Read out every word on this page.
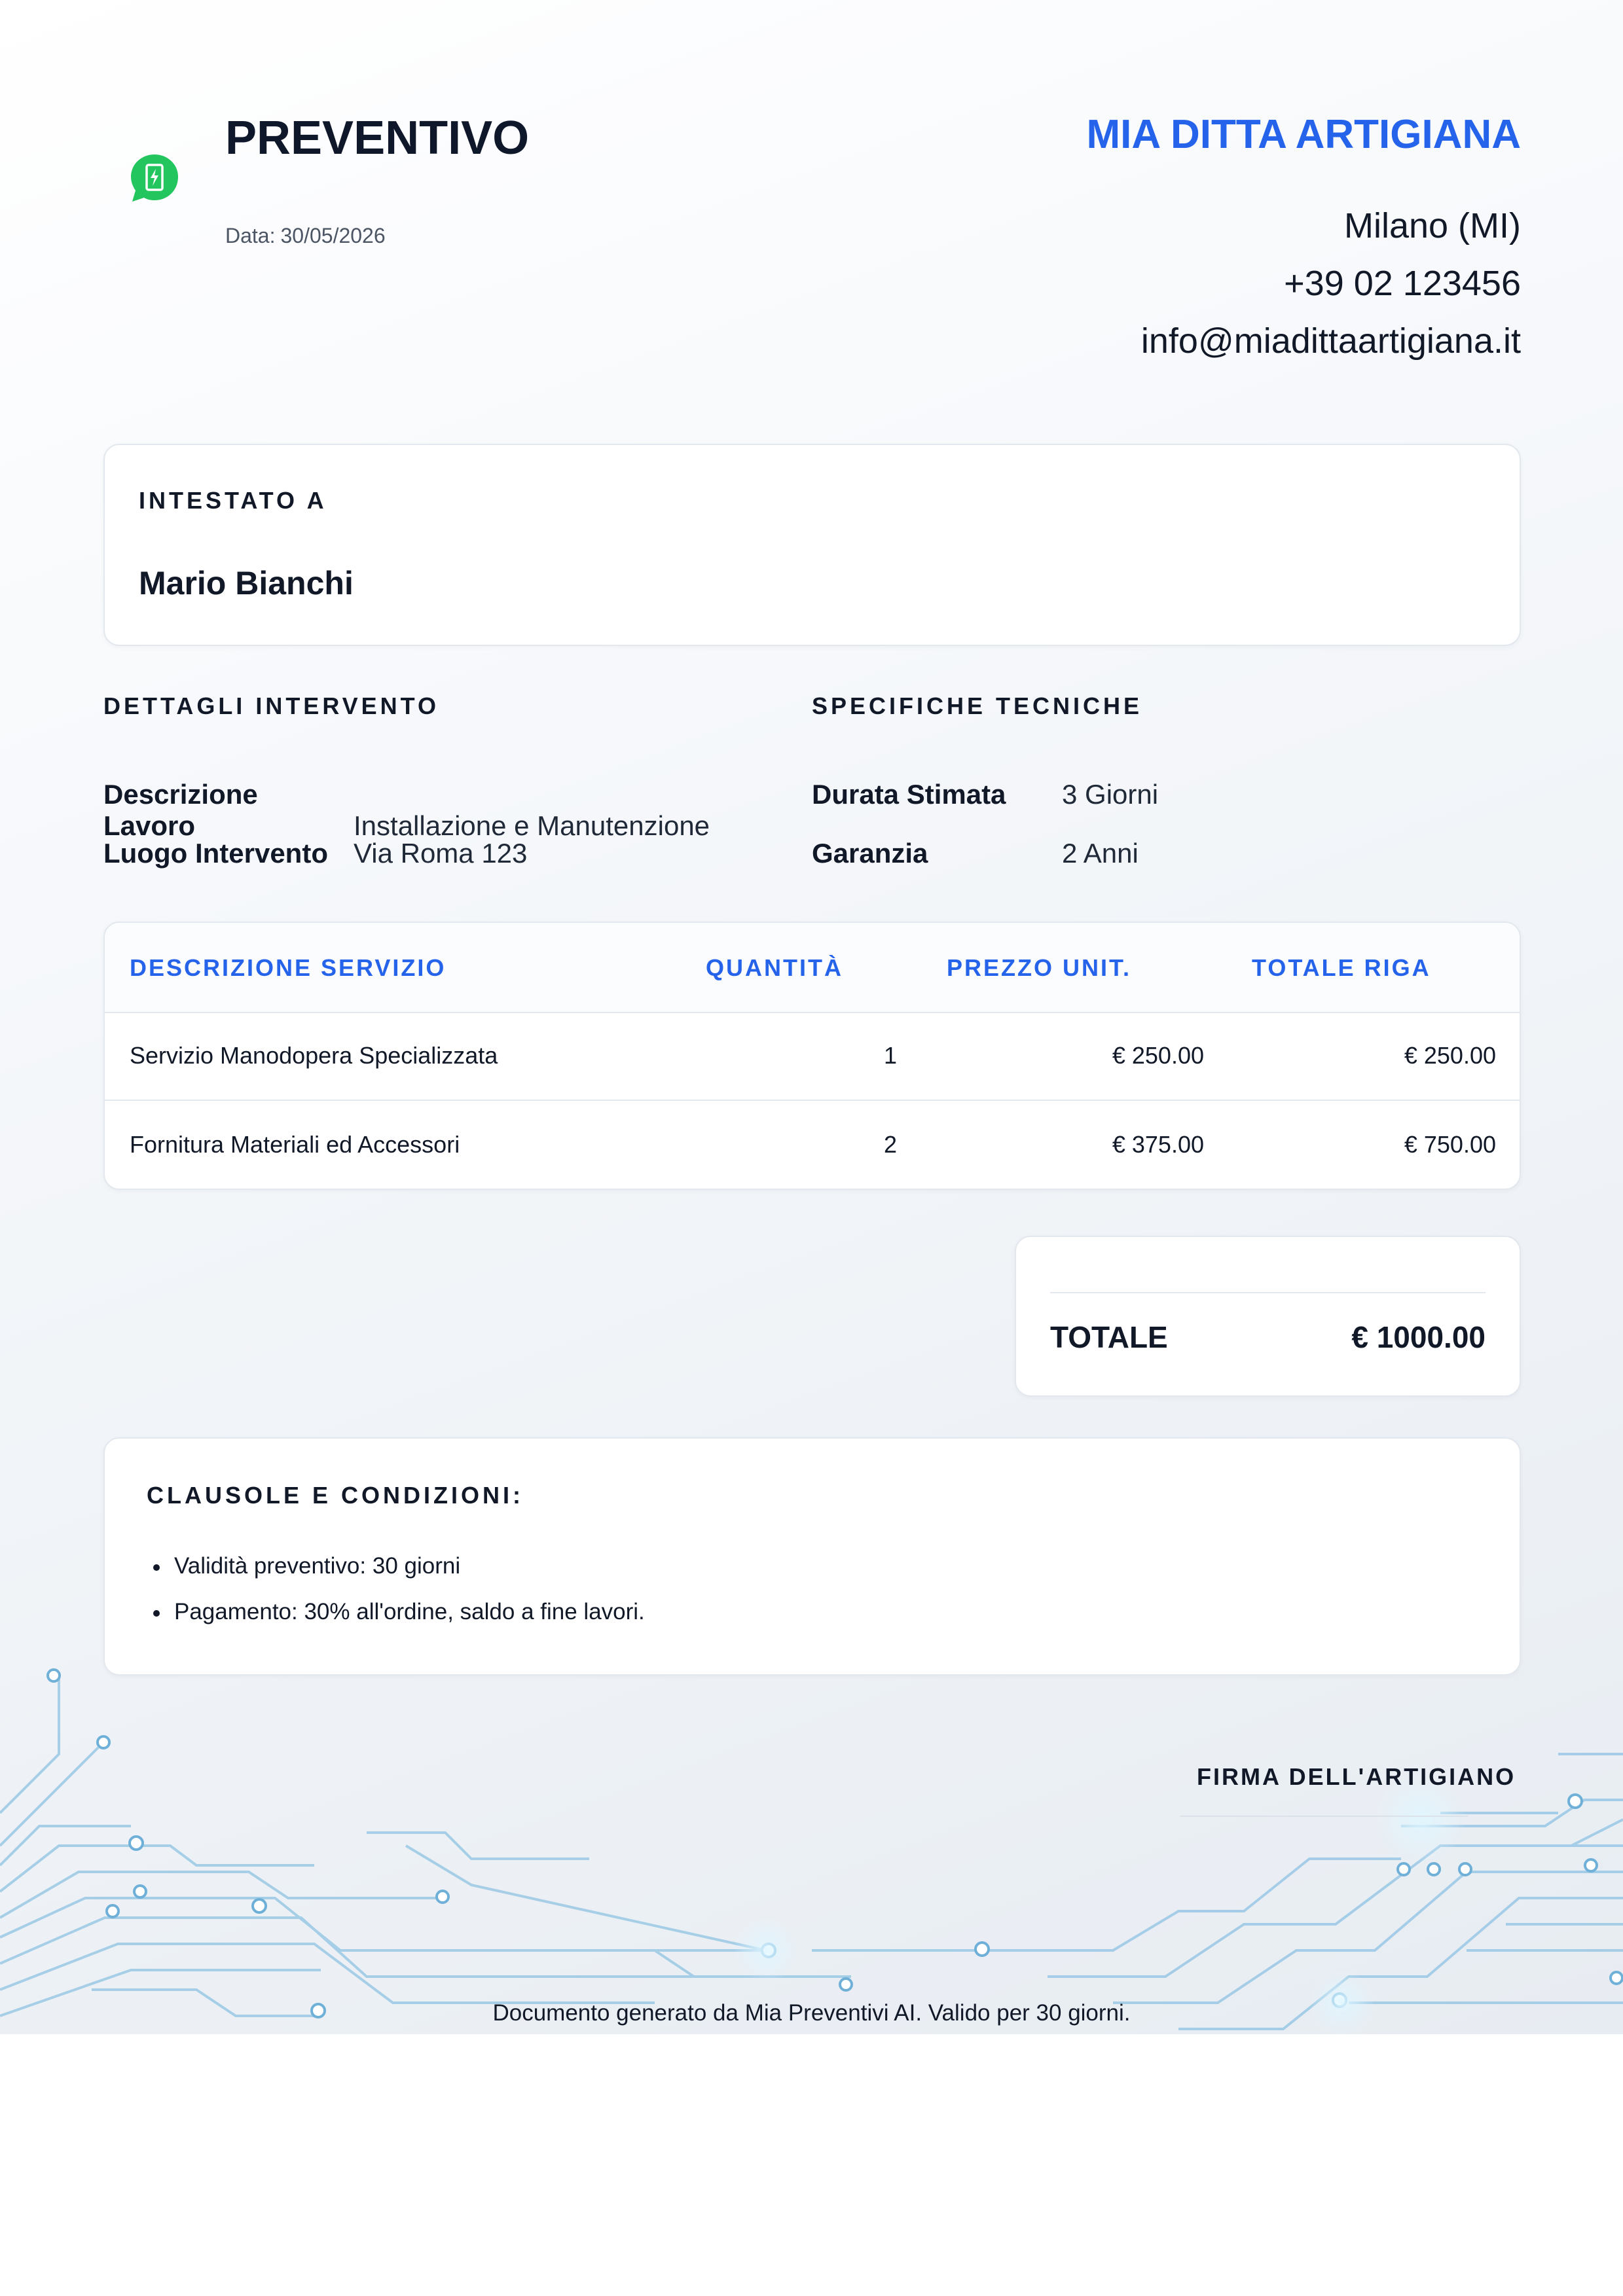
PREVENTIVO
Data: 30/05/2026
MIA DITTA ARTIGIANA
Milano (MI)
+39 02 123456
info@miadittaartigiana.it
INTESTATO A
Mario Bianchi
DETTAGLI INTERVENTO
Descrizione Lavoro	Installazione e Manutenzione
Luogo Intervento Via Roma 123
SPECIFICHE TECNICHE
Durata Stimata 3 Giorni
Garanzia	2 Anni
DESCRIZIONE SERVIZIO	QUANTITÀ	PREZZO UNIT.	TOTALE RIGA
Servizio Manodopera Specializzata	1	€ 250.00	€ 250.00
Fornitura Materiali ed Accessori	2	€ 375.00	€ 750.00
TOTALE	€ 1000.00
CLAUSOLE E CONDIZIONI:
Validità preventivo: 30 giorni
Pagamento: 30% all'ordine, saldo a fine lavori.
FIRMA DELL'ARTIGIANO
Documento generato da Mia Preventivi AI. Valido per 30 giorni.
